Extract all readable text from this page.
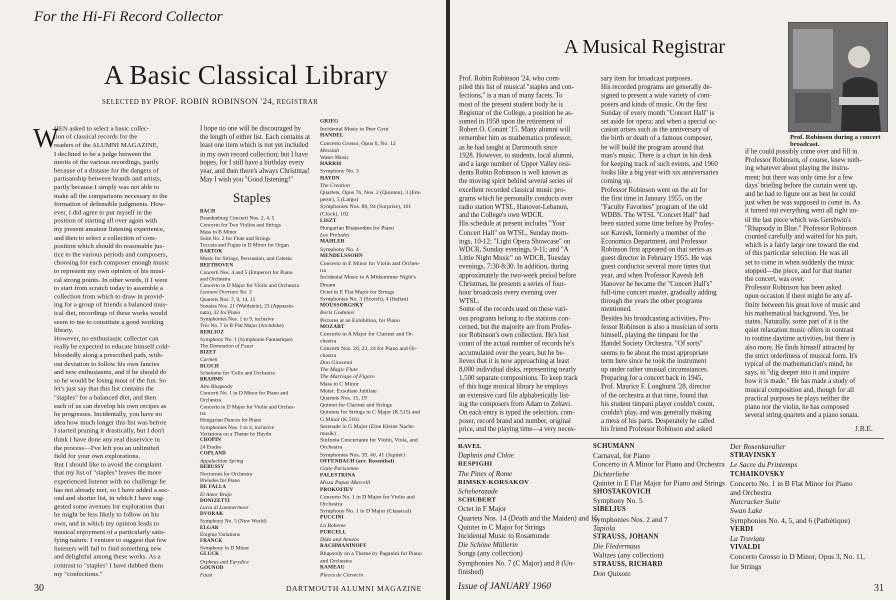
For the Hi-Fi Record Collector
A Basic Classical Library
SELECTED BY PROF. ROBIN ROBINSON '24, REGISTRAR
W
HEN asked to select a basic collec-
tion of classical records for the
readers of the ALUMNI MAGAZINE,
I declined to be a judge between the
merits of the various recordings, partly
because of a distaste for the dangers of
partisanship between brands and artists,
partly because I simply was not able to
make all the comparisons necessary to the
formation of defensible judgments. How-
ever, I did agree to put myself in the
position of starting all over again with
my present amateur listening experience,
and then to select a collection of com-
position which should do reasonable jus-
tice to the various periods and composers,
choosing for each composer enough music
to represent my own opinion of his musi-
cal strong points. In other words, if I were
to start from scratch today to assemble a
collection from which to draw in provid-
ing for a group of friends a balanced mus-
ical diet, recordings of these works would
seem to me to constitute a good working
library.
However, no enthusiastic collector can
really be expected to educate himself cold-
bloodedly along a prescribed path, with-
out deviation to follow his own fancies
and new enthusiasms, and if he should do
so he would be losing most of the fun. So
let's just say that this list contains the
"staples" for a balanced diet, and then
each of us can develop his own recipes as
he progresses. Incidentally, you have no
idea how much longer this list was before
I started pruning it drastically, but I don't
think I have done any real disservice in
the process—I've left you an unlimited
field for your own explorations.
But I should like to avoid the complaint
that my list of "staples" leaves the more
experienced listener with no challenge he
has not already met, so I have added a sec-
ond and shorter list, in which I have sug-
gested some avenues for exploration that
he might be less likely to follow on his
own, and in which my opinion leads to
musical enjoyment of a particularly satis-
fying nature. I venture to suggest that few
listeners will fail to find something new
and delightful among these works. As a
contrast to "staples" I have dubbed them
my "confections."
I hope no one will be discouraged by
the length of either list. Each contains at
least one item which is not yet included
in my own record collection; but I have
hopes, for I still have a birthday every
year, and then there's always Christmas!
May I wish you "Good listening!"
Staples
BACH
Brandenburg Concerti Nos. 2, 4, 5
Concerto for Two Violins and Strings
Mass in B Minor
Suite No. 2 for Flute and Strings
Toccata and Fugue in D Minor for Organ
BARTOK
Music for Strings, Percussion, and Celesta
BEETHOVEN
Concerti Nos. 4 and 5 (Emperor) for Piano
and Orchestra
Concerto in D Major for Violin and Orchestra
Leonore Overture No. 3
Quartets Nos. 7, 9, 14, 15
Sonatas Nos. 21 (Waldstein), 23 (Appassio-
nata), 32 for Piano
Symphonies Nos. 1 to 9, inclusive
Trio No. 7 in B Flat Major (Archduke)
BERLIOZ
Symphony No. 1 (Symphonie Fantastique)
The Damnation of Faust
BIZET
Carmen
BLOCH
Schelomo for 'Cello and Orchestra
BRAHMS
Alto Rhapsody
Concerti No. 1 in D Minor for Piano and
Orchestra
Concerto in D Major for Violin and Orches-
tra
Hungarian Dances for Piano
Symphonies Nos. 1 to 4, inclusive
Variations on a Theme by Haydn
CHOPIN
24 Etudes
COPLAND
Appalachian Spring
DEBUSSY
Nocturnes for Orchestra
Preludes for Piano
DE FALLA
El Amor Brujo
DONIZETTI
Lucia di Lammermoor
DVORAK
Symphony No. 5 (New World)
ELGAR
Enigma Variations
FRANCK
Symphony in D Minor
GLUCK
Orpheus and Eurydice
GOUNOD
Faust
GRIEG
Incidental Music to Peer Gynt
HANDEL
Concerto Grosso, Opus 6, No. 12
Messiah
Water Music
HARRIS
Symphony No. 3
HAYDN
The Creation
Quartets, Opus 76, Nos. 2 (Quinten), 3 (Em-
peror), 5 (Largo)
Symphonies Nos. 88, 94 (Surprise), 101
(Clock), 102
LISZT
Hungarian Rhapsodies for Piano
Les Preludes
MAHLER
Symphony No. 4
MENDELSSOHN
Concerto in E Minor for Violin and Orches-
tra
Incidental Music to A Midsummer Night's
Dream
Octet in E Flat Major for Strings
Symphonies No. 3 (Scotch), 4 (Italian)
MOUSSORGSKY
Boris Godunov
Pictures at an Exhibition, for Piano
MOZART
Concerto in A Major for Clarinet and Or-
chestra
Concerti Nos. 20, 23, 24 for Piano and Or-
chestra
Don Giovanni
The Magic Flute
The Marriage of Figaro
Mass in C Minor
Motet: Exsultate Jubilate
Quartets Nos. 15, 19
Quintet for Clarinet and Strings
Quintets for Strings in C Major (K.515) and
G Minor (K.516)
Serenade in G Major (Eine Kleine Nacht-
musik)
Sinfonia Concertante for Violin, Viola, and
Orchestra
Symphonies Nos. 39, 40, 41 (Jupiter)
OFFENBACH (arr. Rosenthal)
Gaite Parisienne
PALESTRINA
Missa Papae Marcelli
PROKOFIEV
Concerto No. 1 in D Major for Violin and
Orchestra
Symphony No. 1 in D Major (Classical)
PUCCINI
La Boheme
PURCELL
Dido and Aeneas
RACHMANINOFF
Rhapsody on a Theme by Paganini for Piano
and Orchestra
RAMEAU
Pieces de Clavecin
30	DARTMOUTH ALUMNI MAGAZINE
A Musical Registrar
Prof. Robinson during a concert broadcast.
Prof. Robin Robinson '24, who com-
piled this list of musical "staples and con-
fections," is a man of many facets. To
most of the present student body he is
Registrar of the College, a position he as-
sumed in 1958 upon the retirement of
Robert O. Conant '15. Many alumni will
remember him as mathematics professor,
as he had taught at Dartmouth since
1928. However, to students, local alumni,
and a large number of Upper Valley resi-
dents Robin Robinson is well known as
the moving spirit behind several series of
excellent recorded classical music pro-
grams which he personally conducts over
radio station WTSL, Hanover-Lebanon,
and the College's own WDCR.
His schedule at present includes "Your
Concert Hall" on WTSL, Sunday morn-
ings, 10-12; "Light Opera Showcase" on
WDCR, Sunday evenings, 9-11; and "A
Little Night Music" on WDCR, Tuesday
evenings, 7:30-8:30. In addition, during
approximately the two-week period before
Christmas, he presents a series of four-
hour broadcasts every evening over
WTSL.
Some of the records used on these vari-
ous programs belong to the stations con-
cerned, but the majority are from Profes-
sor Robinson's own collection. He's lost
count of the actual number of records he's
accumulated over the years, but he be-
lieves that it is now approaching at least
8,000 individual disks, representing nearly
1,500 separate compositions. To keep track
of this huge musical library he employs
an extensive card file alphabetically list-
ing the composers from Adam to Zehavi.
On each entry is typed the selection, com-
poser, record brand and number, original
price, and the playing time—a very neces-
sary item for broadcast purposes.
His recorded programs are generally de-
signed to present a wide variety of com-
posers and kinds of music. On the first
Sunday of every month "Concert Hall" is
set aside for opera; and when a special oc-
casion arises such as the anniversary of
the birth or death of a famous composer,
he will build the program around that
man's music. There is a chart in his desk
for keeping track of such events, and 1960
looks like a big year with six anniversaries
coming up.
Professor Robinson went on the air for
the first time in January 1955, on the
"Faculty Favorites" program of the old
WDBS. The WTSL "Concert Hall" had
been started some time before by Profes-
sor Kavesh, formerly a member of the
Economics Department, and Professor
Robinson first appeared on that series as
guest director in February 1955. He was
guest conductor several more times that
year, and when Professor Kavesh left
Hanover he became the "Concert Hall's"
full-time concert master, gradually adding
through the years the other programs
mentioned.
Besides his broadcasting activities, Pro-
fessor Robinson is also a musician of sorts
himself, playing the timpani for the
Handel Society Orchestra. "Of sorts"
seems to be about the most appropriate
term here since he took the instrument
up under rather unusual circumstances.
Preparing for a concert back in 1945,
Prof. Maurice F. Longhurst '28, director
of the orchestra at that time, found that
his student timpani player couldn't count,
couldn't play, and was generally making
a mess of his parts. Desperately he called
his friend Professor Robinson and asked
if he could possibly come over and fill in.
Professor Robinson, of course, knew noth-
ing whatever about playing the instru-
ment; but there was only time for a few
days' briefing before the curtain went up,
and he had to figure out as best he could
just when he was supposed to come in. As
it turned out everything went all right un-
til the last piece which was Gershwin's
"Rhapsody in Blue." Professor Robinson
counted carefully and waited for his part,
which is a fairly large one toward the end
of this particular selection. He was all
set to come in when suddenly the music
stopped—the piece, and for that matter
the concert, was over.
Professor Robinson has been asked
upon occasion if there might be any af-
finity between his great love of music and
his mathematical background. Yes, he
states. Naturally, some part of it is the
quiet relaxation music offers in contrast
to routine daytime activities, but there is
also more. He finds himself attracted by
the strict orderliness of musical form. It's
typical of the mathematician's mind, he
says, to "dig deeper into it and inquire
how it is made." He has made a study of
musical composition and, though for all
practical purposes he plays neither the
piano nor the violin, he has composed
several string quartets and a piano sonata.
J.B.E.
RAVEL
Daphnis and Chloe
RESPIGHI
The Pines of Rome
RIMSKY-KORSAKOV
Scheherazade
SCHUBERT
Octet in F Major
Quartets Nos. 14 (Death and the Maiden) and 15
Quintet in C Major for Strings
Incidental Music to Rosamunde
Die Schöne Müllerin
Songs (any collection)
Symphonies No. 7 (C Major) and 8 (Un-
finished)
SCHUMANN
Carnaval, for Piano
Concerto in A Minor for Piano and Orchestra
Dichterliebe
Quintet in E Flat Major for Piano and Strings
SHOSTAKOVICH
Symphony No. 5
SIBELIUS
Symphonies Nos. 2 and 7
Tapiola
STRAUSS, JOHANN
Die Fledermaus
Waltzes (any collection)
STRAUSS, RICHARD
Don Quixote
Der Rosenkavalier
STRAVINSKY
Le Sacre du Printemps
TCHAIKOVSKY
Concerto No. 1 in B Flat Minor for Piano
and Orchestra
Nutcracker Suite
Swan Lake
Symphonies No. 4, 5, and 6 (Pathétique)
VERDI
La Traviata
VIVALDI
Concerto Grosso in D Minor, Opus 3, No. 11,
for Strings
Issue of JANUARY 1960	31
